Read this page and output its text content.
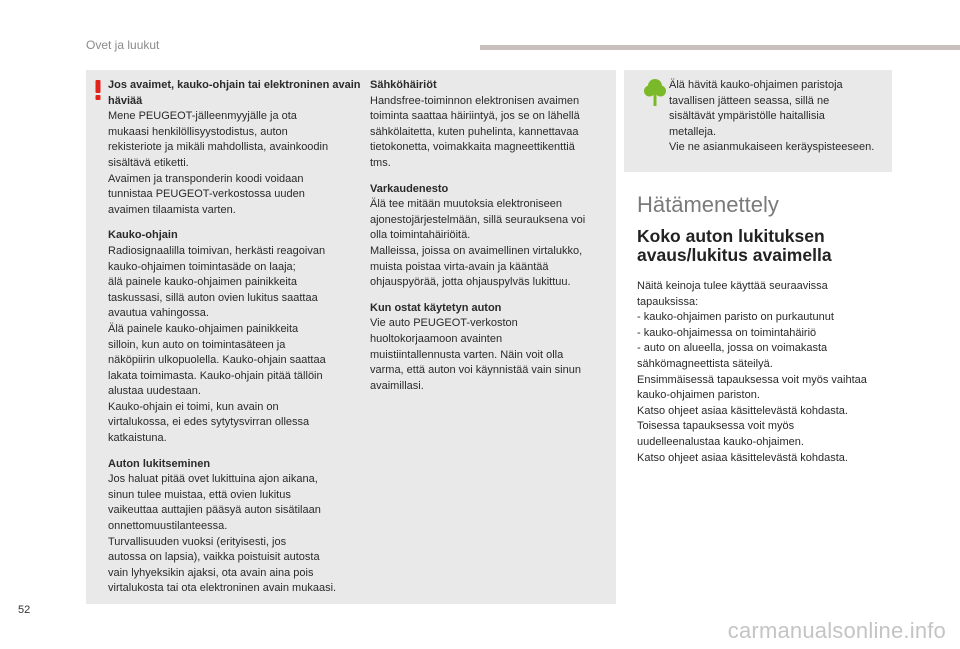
Ovet ja luukut

Jos avaimet, kauko-ohjain tai elektroninen avain häviää
Mene PEUGEOT-jälleenmyyjälle ja ota
mukaasi henkilöllisyystodistus, auton
rekisteriote ja mikäli mahdollista, avainkoodin
sisältävä etiketti.
Avaimen ja transponderin koodi voidaan
tunnistaa PEUGEOT-verkostossa uuden
avaimen tilaamista varten.

Kauko-ohjain
Radiosignaalilla toimivan, herkästi reagoivan
kauko-ohjaimen toimintasäde on laaja;
älä painele kauko-ohjaimen painikkeita
taskussasi, sillä auton ovien lukitus saattaa
avautua vahingossa.
Älä painele kauko-ohjaimen painikkeita
silloin, kun auto on toimintasäteen ja
näköpiirin ulkopuolella. Kauko-ohjain saattaa
lakata toimimasta. Kauko-ohjain pitää tällöin
alustaa uudestaan.
Kauko-ohjain ei toimi, kun avain on
virtalukossa, ei edes sytytysvirran ollessa
katkaistuna.

Auton lukitseminen
Jos haluat pitää ovet lukittuina ajon aikana,
sinun tulee muistaa, että ovien lukitus
vaikeuttaa auttajien pääsyä auton sisätilaan
onnettomuustilanteessa.
Turvallisuuden vuoksi (erityisesti, jos
autossa on lapsia), vaikka poistuisit autosta
vain lyhyeksikin ajaksi, ota avain aina pois
virtalukosta tai ota elektroninen avain mukaasi.

Sähköhäiriöt
Handsfree-toiminnon elektronisen avaimen
toiminta saattaa häiriintyä, jos se on lähellä
sähkölaitetta, kuten puhelinta, kannettavaa
tietokonetta, voimakkaita magneettikenttiä
tms.

Varkaudenesto
Älä tee mitään muutoksia elektroniseen
ajonestojärjestelmään, sillä seurauksena voi
olla toimintahäiriöitä.
Malleissa, joissa on avaimellinen virtalukko,
muista poistaa virta-avain ja kääntää
ohjauspyörää, jotta ohjauspylväs lukittuu.

Kun ostat käytetyn auton
Vie auto PEUGEOT-verkoston
huoltokorjaamoon avainten
muistiintallennusta varten. Näin voit olla
varma, että auton voi käynnistää vain sinun
avaimillasi.

Älä hävitä kauko-ohjaimen paristoja
tavallisen jätteen seassa, sillä ne
sisältävät ympäristölle haitallisia
metalleja.
Vie ne asianmukaiseen keräyspisteeseen.
Hätämenettely
Koko auton lukituksen avaus/lukitus avaimella
Näitä keinoja tulee käyttää seuraavissa
tapauksissa:
- kauko-ohjaimen paristo on purkautunut
- kauko-ohjaimessa on toimintahäiriö
- auto on alueella, jossa on voimakasta
sähkömagneettista säteilyä.
Ensimmäisessä tapauksessa voit myös vaihtaa
kauko-ohjaimen pariston.
Katso ohjeet asiaa käsittelevästä kohdasta.
Toisessa tapauksessa voit myös
uudelleenalustaa kauko-ohjaimen.
Katso ohjeet asiaa käsittelevästä kohdasta.
52
carmanualsonline.info
